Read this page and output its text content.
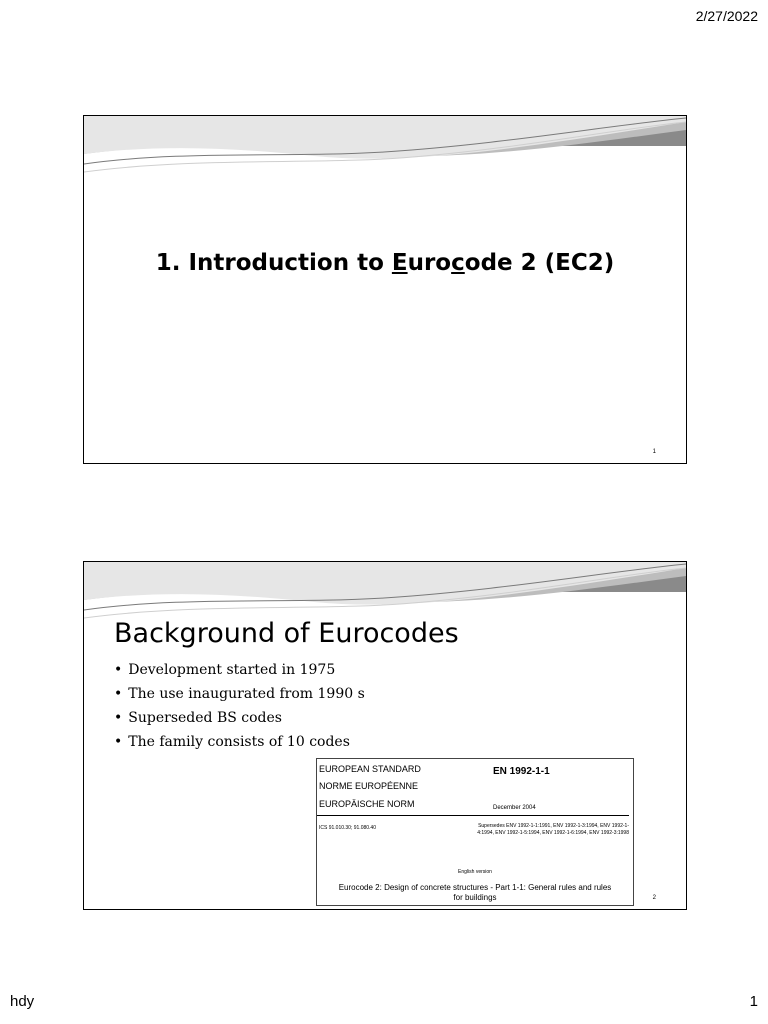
2/27/2022
1. Introduction to Eurocode 2 (EC2)
1
Background of Eurocodes
• Development started in 1975
• The use inaugurated from 1990 s
• Superseded BS codes
• The family consists of 10 codes
EUROPEAN STANDARD
NORME EUROPÉENNE
EUROPÄISCHE NORM
EN 1992-1-1
December 2004
ICS 91.010.30; 91.080.40	Supersedes ENV 1992-1-1:1991, ENV 1992-1-3:1994, ENV 1992-1-4:1994, ENV 1992-1-5:1994, ENV 1992-1-6:1994, ENV 1992-3:1998
English version
Eurocode 2: Design of concrete structures - Part 1-1: General rules and rules for buildings	2
hdy	1
